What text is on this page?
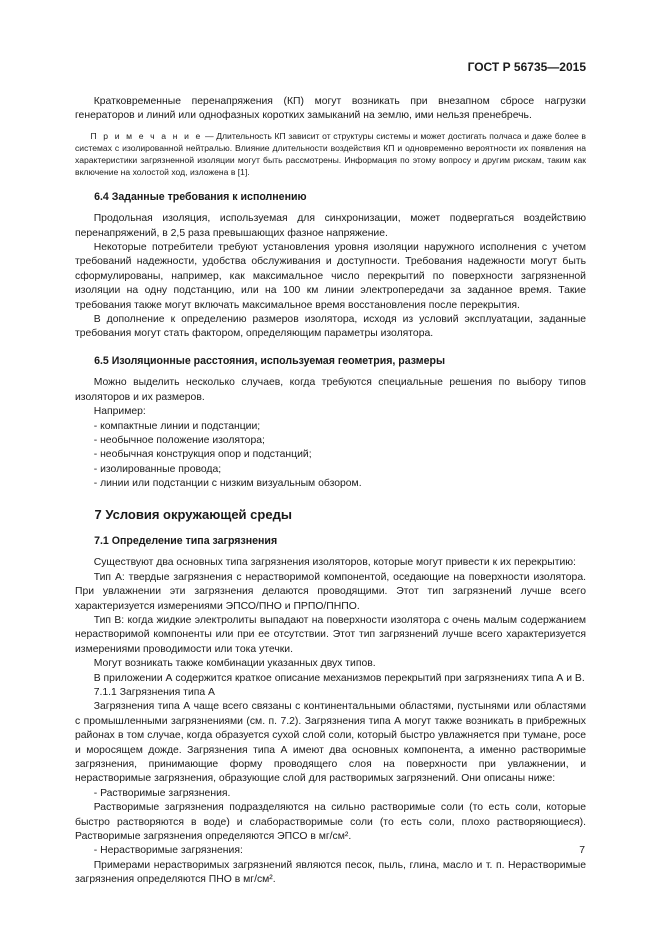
ГОСТ Р 56735—2015

Кратковременные перенапряжения (КП) могут возникать при внезапном сбросе нагрузки генераторов и линий или однофазных коротких замыканий на землю, ими нельзя пренебречь.

П р и м е ч а н и е — Длительность КП зависит от структуры системы и может достигать полчаса и даже более в системах с изолированной нейтралью. Влияние длительности воздействия КП и одновременно вероятности их появления на характеристики загрязненной изоляции могут быть рассмотрены. Информация по этому вопросу и другим рискам, таким как включение на холостой ход, изложена в [1].
6.4 Заданные требования к исполнению

Продольная изоляция, используемая для синхронизации, может подвергаться воздействию перенапряжений, в 2,5 раза превышающих фазное напряжение.

Некоторые потребители требуют установления уровня изоляции наружного исполнения с учетом требований надежности, удобства обслуживания и доступности. Требования надежности могут быть сформулированы, например, как максимальное число перекрытий по поверхности загрязненной изоляции на одну подстанцию, или на 100 км линии электропередачи за заданное время. Такие требования также могут включать максимальное время восстановления после перекрытия.

В дополнение к определению размеров изолятора, исходя из условий эксплуатации, заданные требования могут стать фактором, определяющим параметры изолятора.

6.5 Изоляционные расстояния, используемая геометрия, размеры

Можно выделить несколько случаев, когда требуются специальные решения по выбору типов изоляторов и их размеров.

Например:

- компактные линии и подстанции;

- необычное положение изолятора;

- необычная конструкция опор и подстанций;

- изолированные провода;

- линии или подстанции с низким визуальным обзором.

7 Условия окружающей среды
7.1 Определение типа загрязнения

Существуют два основных типа загрязнения изоляторов, которые могут привести к их перекрытию:

Тип А: твердые загрязнения с нерастворимой компонентой, оседающие на поверхности изолятора. При увлажнении эти загрязнения делаются проводящими. Этот тип загрязнений лучше всего характеризуется измерениями ЭПСО/ПНО и ПРПО/ПНПО.

Тип В: когда жидкие электролиты выпадают на поверхности изолятора с очень малым содержанием нерастворимой компоненты или при ее отсутствии. Этот тип загрязнений лучше всего характеризуется измерениями проводимости или тока утечки.

Могут возникать также комбинации указанных двух типов.

В приложении А содержится краткое описание механизмов перекрытий при загрязнениях типа А и В.

7.1.1 Загрязнения типа А

Загрязнения типа А чаще всего связаны с континентальными областями, пустынями или областями с промышленными загрязнениями (см. п. 7.2). Загрязнения типа А могут также возникать в прибрежных районах в том случае, когда образуется сухой слой соли, который быстро увлажняется при тумане, росе и моросящем дожде. Загрязнения типа А имеют два основных компонента, а именно растворимые загрязнения, принимающие форму проводящего слоя на поверхности при увлажнении, и нерастворимые загрязнения, образующие слой для растворимых загрязнений. Они описаны ниже:

- Растворимые загрязнения.

Растворимые загрязнения подразделяются на сильно растворимые соли (то есть соли, которые быстро растворяются в воде) и слаборастворимые соли (то есть соли, плохо растворяющиеся). Растворимые загрязнения определяются ЭПСО в мг/см².

- Нерастворимые загрязнения:

Примерами нерастворимых загрязнений являются песок, пыль, глина, масло и т. п. Нерастворимые загрязнения определяются ПНО в мг/см².

7
